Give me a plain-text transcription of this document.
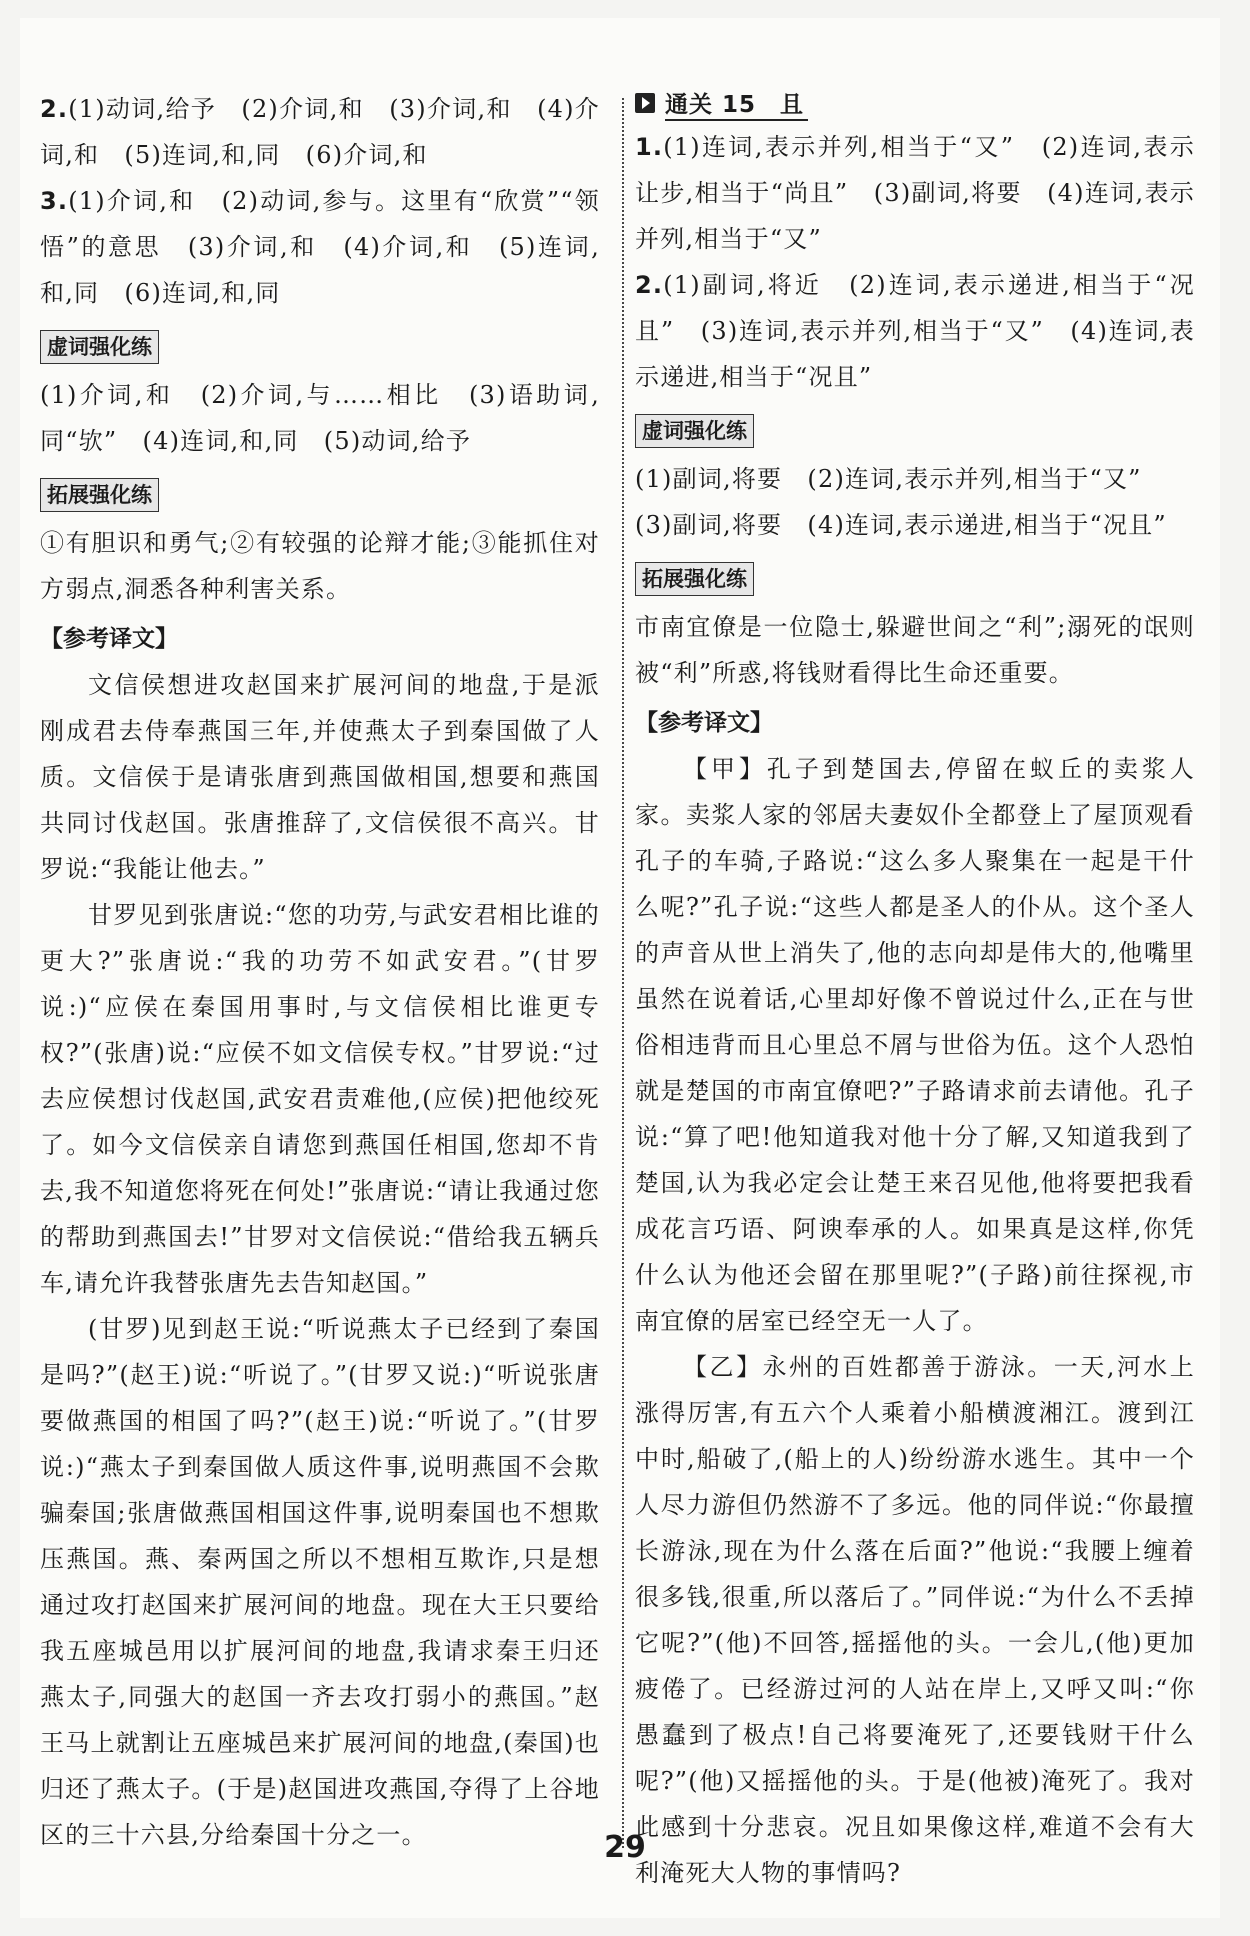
2.(1)动词,给予　(2)介词,和　(3)介词,和　(4)介词,和　(5)连词,和,同　(6)介词,和

3.(1)介词,和　(2)动词,参与。这里有“欣赏”“领悟”的意思　(3)介词,和　(4)介词,和　(5)连词,和,同　(6)连词,和,同

虚词强化练

(1)介词,和　(2)介词,与……相比　(3)语助词,同“欤”　(4)连词,和,同　(5)动词,给予

拓展强化练

①有胆识和勇气;②有较强的论辩才能;③能抓住对方弱点,洞悉各种利害关系。

【参考译文】

文信侯想进攻赵国来扩展河间的地盘,于是派刚成君去侍奉燕国三年,并使燕太子到秦国做了人质。文信侯于是请张唐到燕国做相国,想要和燕国共同讨伐赵国。张唐推辞了,文信侯很不高兴。甘罗说:“我能让他去。”

甘罗见到张唐说:“您的功劳,与武安君相比谁的更大?”张唐说:“我的功劳不如武安君。”(甘罗说:)“应侯在秦国用事时,与文信侯相比谁更专权?”(张唐)说:“应侯不如文信侯专权。”甘罗说:“过去应侯想讨伐赵国,武安君责难他,(应侯)把他绞死了。如今文信侯亲自请您到燕国任相国,您却不肯去,我不知道您将死在何处!”张唐说:“请让我通过您的帮助到燕国去!”甘罗对文信侯说:“借给我五辆兵车,请允许我替张唐先去告知赵国。”

(甘罗)见到赵王说:“听说燕太子已经到了秦国是吗?”(赵王)说:“听说了。”(甘罗又说:)“听说张唐要做燕国的相国了吗?”(赵王)说:“听说了。”(甘罗说:)“燕太子到秦国做人质这件事,说明燕国不会欺骗秦国;张唐做燕国相国这件事,说明秦国也不想欺压燕国。燕、秦两国之所以不想相互欺诈,只是想通过攻打赵国来扩展河间的地盘。现在大王只要给我五座城邑用以扩展河间的地盘,我请求秦王归还燕太子,同强大的赵国一齐去攻打弱小的燕国。”赵王马上就割让五座城邑来扩展河间的地盘,(秦国)也归还了燕太子。(于是)赵国进攻燕国,夺得了上谷地区的三十六县,分给秦国十分之一。

通关 15　且

1.(1)连词,表示并列,相当于“又”　(2)连词,表示让步,相当于“尚且”　(3)副词,将要　(4)连词,表示并列,相当于“又”

2.(1)副词,将近　(2)连词,表示递进,相当于“况且”　(3)连词,表示并列,相当于“又”　(4)连词,表示递进,相当于“况且”

虚词强化练

(1)副词,将要　(2)连词,表示并列,相当于“又”

(3)副词,将要　(4)连词,表示递进,相当于“况且”

拓展强化练

市南宜僚是一位隐士,躲避世间之“利”;溺死的氓则被“利”所惑,将钱财看得比生命还重要。

【参考译文】

【甲】孔子到楚国去,停留在蚁丘的卖浆人家。卖浆人家的邻居夫妻奴仆全都登上了屋顶观看孔子的车骑,子路说:“这么多人聚集在一起是干什么呢?”孔子说:“这些人都是圣人的仆从。这个圣人的声音从世上消失了,他的志向却是伟大的,他嘴里虽然在说着话,心里却好像不曾说过什么,正在与世俗相违背而且心里总不屑与世俗为伍。这个人恐怕就是楚国的市南宜僚吧?”子路请求前去请他。孔子说:“算了吧!他知道我对他十分了解,又知道我到了楚国,认为我必定会让楚王来召见他,他将要把我看成花言巧语、阿谀奉承的人。如果真是这样,你凭什么认为他还会留在那里呢?”(子路)前往探视,市南宜僚的居室已经空无一人了。

【乙】永州的百姓都善于游泳。一天,河水上涨得厉害,有五六个人乘着小船横渡湘江。渡到江中时,船破了,(船上的人)纷纷游水逃生。其中一个人尽力游但仍然游不了多远。他的同伴说:“你最擅长游泳,现在为什么落在后面?”他说:“我腰上缠着很多钱,很重,所以落后了。”同伴说:“为什么不丢掉它呢?”(他)不回答,摇摇他的头。一会儿,(他)更加疲倦了。已经游过河的人站在岸上,又呼又叫:“你愚蠢到了极点!自己将要淹死了,还要钱财干什么呢?”(他)又摇摇他的头。于是(他被)淹死了。我对此感到十分悲哀。况且如果像这样,难道不会有大利淹死大人物的事情吗?

29
